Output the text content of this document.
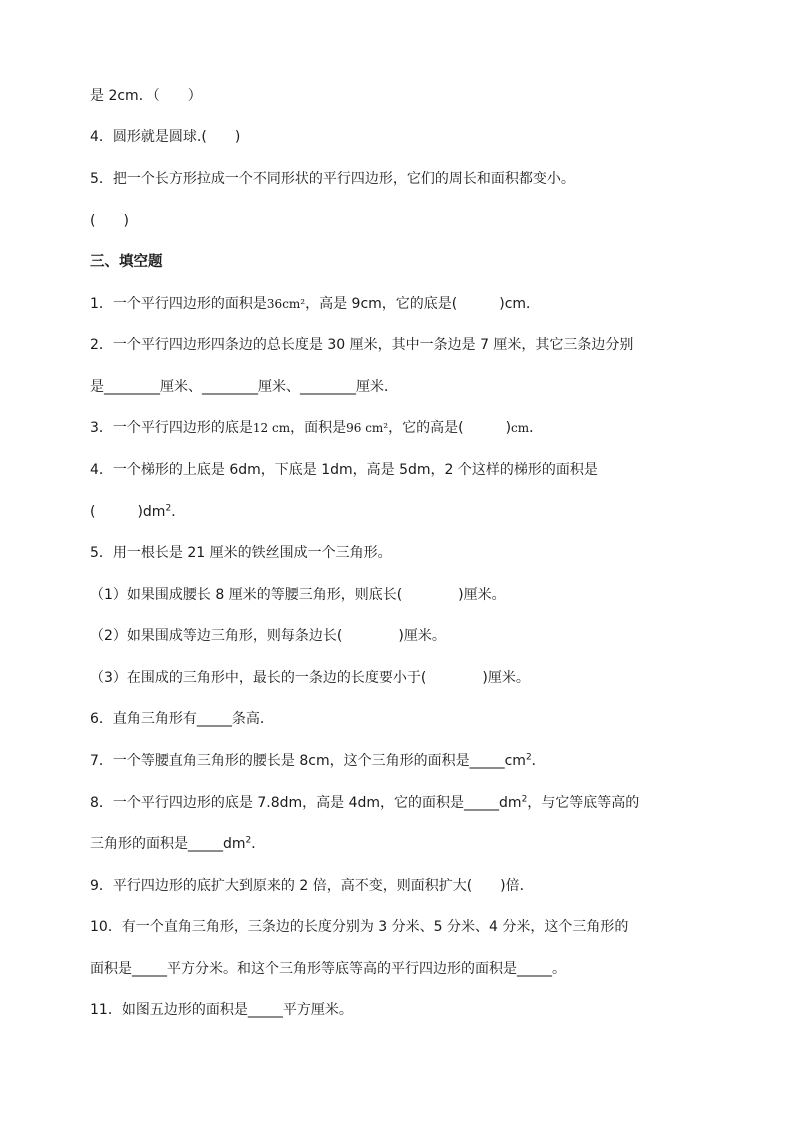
是 2cm．（　　）
4．圆形就是圆球.(　　)
5．把一个长方形拉成一个不同形状的平行四边形，它们的周长和面积都变小。
(　　)
三、填空题
1．一个平行四边形的面积是36cm²，高是 9cm，它的底是(　　　)cm．
2．一个平行四边形四条边的总长度是 30 厘米，其中一条边是 7 厘米，其它三条边分别
是________厘米、________厘米、________厘米．
3．一个平行四边形的底是12 cm，面积是96 cm²，它的高是(　　　)cm．
4．一个梯形的上底是 6dm，下底是 1dm，高是 5dm，2 个这样的梯形的面积是
(　　　)$dm^2$．
5．用一根长是 21 厘米的铁丝围成一个三角形。
（1）如果围成腰长 8 厘米的等腰三角形，则底长(　　　　)厘米。
（2）如果围成等边三角形，则每条边长(　　　　)厘米。
（3）在围成的三角形中，最长的一条边的长度要小于(　　　　)厘米。
6．直角三角形有_____条高．
7．一个等腰直角三角形的腰长是 8cm，这个三角形的面积是$\_\_\_\_\_cm^2$．
8．一个平行四边形的底是 7.8dm，高是 4dm，它的面积是$\_\_\_\_\_dm^2$，与它等底等高的
三角形的面积是$\_\_\_\_\_dm^2$．
9．平行四边形的底扩大到原来的 2 倍，高不变，则面积扩大(　　)倍．
10．有一个直角三角形，三条边的长度分别为 3 分米、5 分米、4 分米，这个三角形的
面积是_____平方分米。和这个三角形等底等高的平行四边形的面积是_____。
11．如图五边形的面积是_____平方厘米。
